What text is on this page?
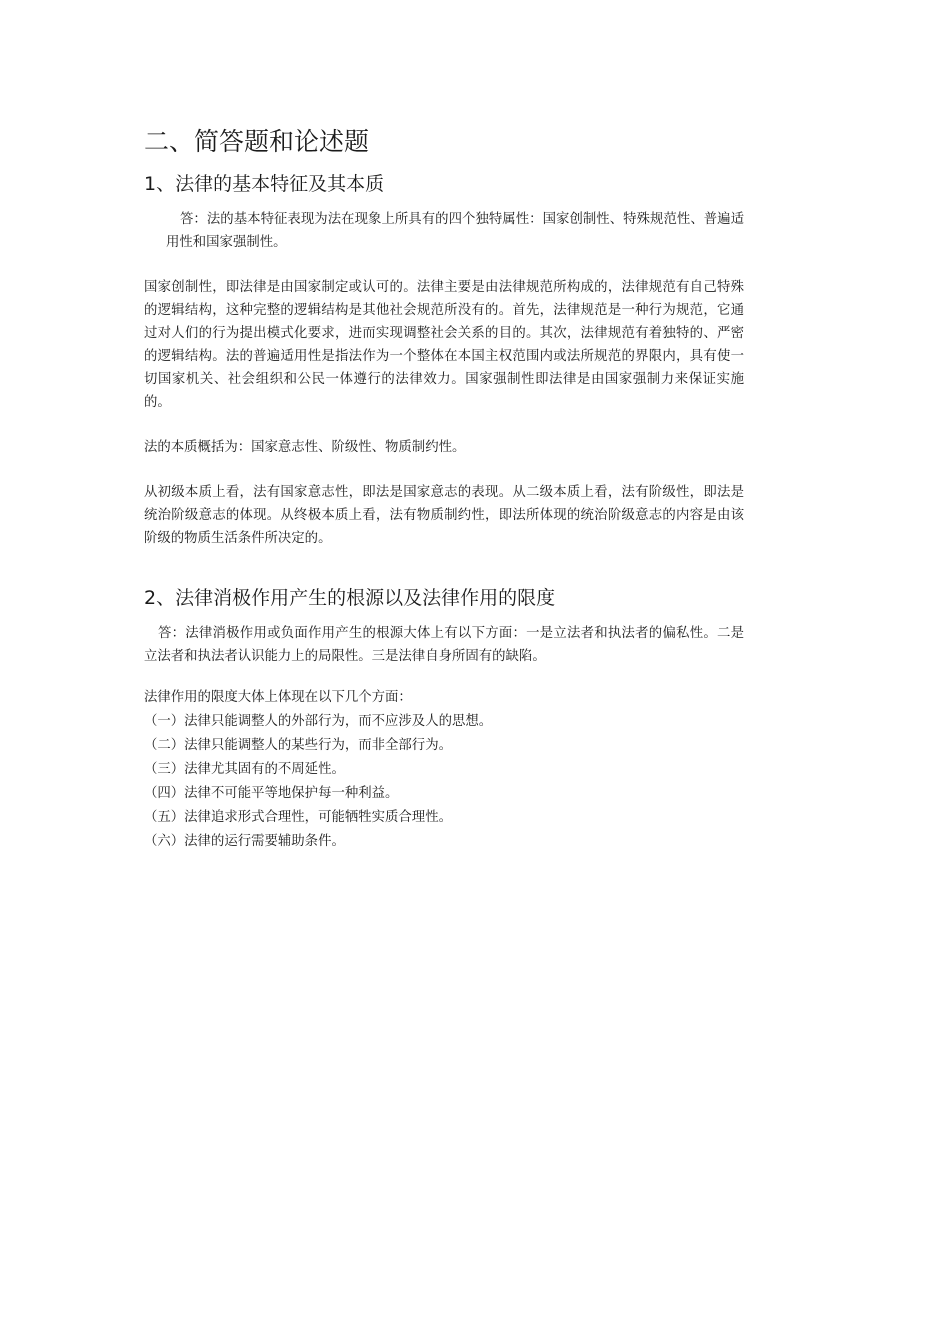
二、简答题和论述题
1、法律的基本特征及其本质

答：法的基本特征表现为法在现象上所具有的四个独特属性：国家创制性、特殊规范性、普遍适用性和国家强制性。

国家创制性，即法律是由国家制定或认可的。法律主要是由法律规范所构成的，法律规范有自己特殊的逻辑结构，这种完整的逻辑结构是其他社会规范所没有的。首先，法律规范是一种行为规范，它通过对人们的行为提出模式化要求，进而实现调整社会关系的目的。其次，法律规范有着独特的、严密的逻辑结构。法的普遍适用性是指法作为一个整体在本国主权范围内或法所规范的界限内，具有使一切国家机关、社会组织和公民一体遵行的法律效力。国家强制性即法律是由国家强制力来保证实施的。

法的本质概括为：国家意志性、阶级性、物质制约性。

从初级本质上看，法有国家意志性，即法是国家意志的表现。从二级本质上看，法有阶级性，即法是统治阶级意志的体现。从终极本质上看，法有物质制约性，即法所体现的统治阶级意志的内容是由该阶级的物质生活条件所决定的。

2、法律消极作用产生的根源以及法律作用的限度

答：法律消极作用或负面作用产生的根源大体上有以下方面：一是立法者和执法者的偏私性。二是立法者和执法者认识能力上的局限性。三是法律自身所固有的缺陷。

法律作用的限度大体上体现在以下几个方面：

（一）法律只能调整人的外部行为，而不应涉及人的思想。

（二）法律只能调整人的某些行为，而非全部行为。

（三）法律尤其固有的不周延性。

（四）法律不可能平等地保护每一种利益。

（五）法律追求形式合理性，可能牺牲实质合理性。

（六）法律的运行需要辅助条件。
